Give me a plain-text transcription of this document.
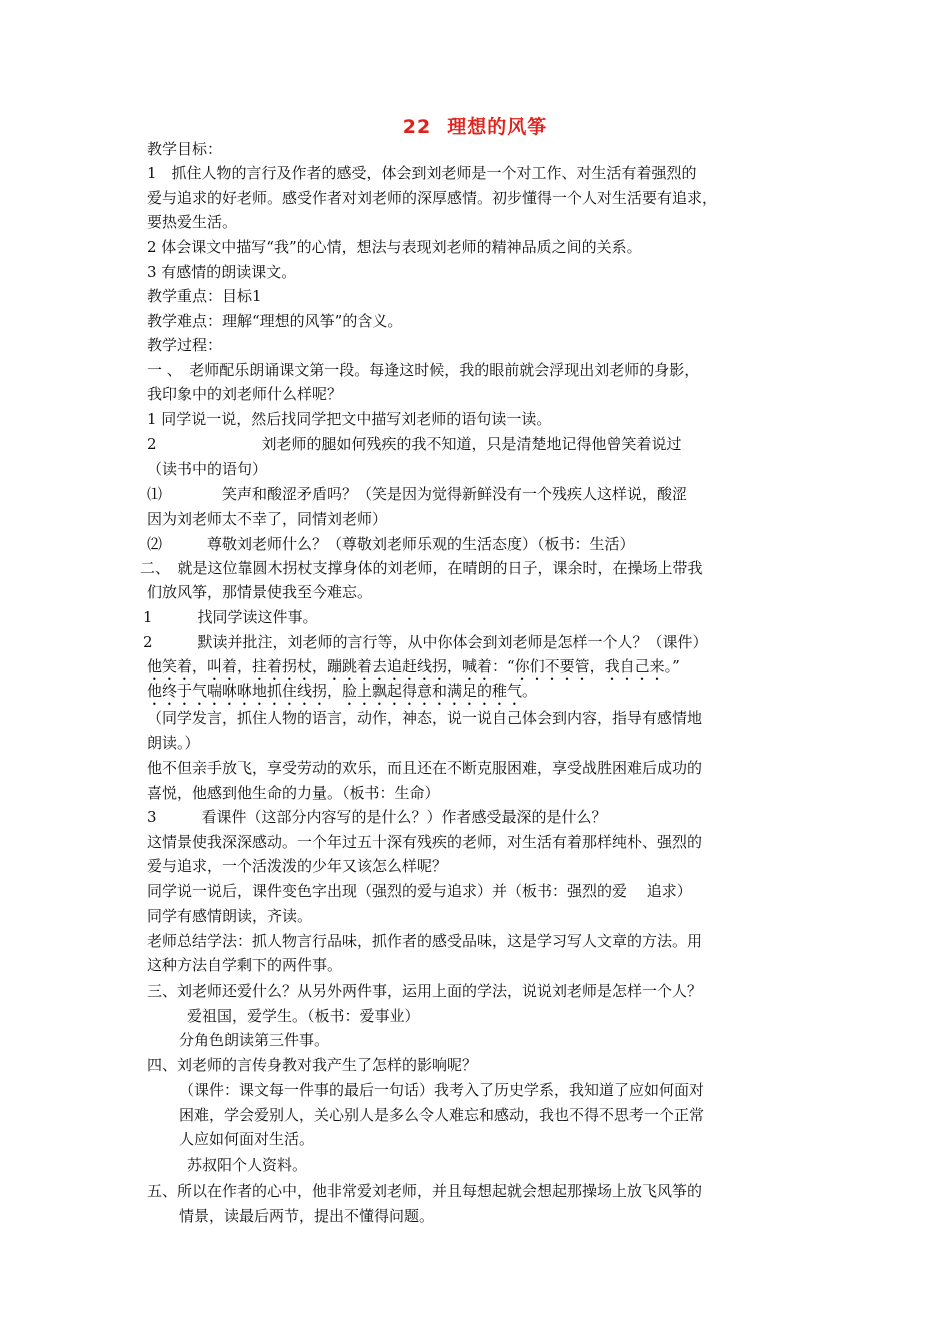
22 理想的风筝
教学目标：
1　抓住人物的言行及作者的感受，体会到刘老师是一个对工作、对生活有着强烈的
爱与追求的好老师。感受作者对刘老师的深厚感情。初步懂得一个人对生活要有追求，
要热爱生活。
2 体会课文中描写“我”的心情，想法与表现刘老师的精神品质之间的关系。
3 有感情的朗读课文。
教学重点：目标1
教学难点：理解“理想的风筝”的含义。
教学过程：
一 、　老师配乐朗诵课文第一段。每逢这时候，我的眼前就会浮现出刘老师的身影，
我印象中的刘老师什么样呢？
1 同学说一说，然后找同学把文中描写刘老师的语句读一读。
2　　　　　　　刘老师的腿如何残疾的我不知道，只是清楚地记得他曾笑着说过
（读书中的语句）
⑴　　　　笑声和酸涩矛盾吗？（笑是因为觉得新鲜没有一个残疾人这样说，酸涩
因为刘老师太不幸了，同情刘老师）
⑵　　　尊敬刘老师什么？（尊敬刘老师乐观的生活态度）（板书：生活）
二、　就是这位靠圆木拐杖支撑身体的刘老师，在晴朗的日子，课余时，在操场上带我
们放风筝，那情景使我至今难忘。
1　　　找同学读这件事。
2　　　默读并批注，刘老师的言行等，从中你体会到刘老师是怎样一个人？（课件）
他笑着，叫着，拄着拐杖，蹦跳着去追赶线拐，喊着：“你们不要管，我自己来。”
他终于气喘咻咻地抓住线拐，脸上飘起得意和满足的稚气。
（同学发言，抓住人物的语言，动作，神态，说一说自己体会到内容，指导有感情地
朗读。）
他不但亲手放飞，享受劳动的欢乐，而且还在不断克服困难，享受战胜困难后成功的
喜悦，他感到他生命的力量。（板书：生命）
3　　　看课件（这部分内容写的是什么？）作者感受最深的是什么？
这情景使我深深感动。一个年过五十深有残疾的老师，对生活有着那样纯朴、强烈的
爱与追求，一个活泼泼的少年又该怎么样呢？
同学说一说后，课件变色字出现（强烈的爱与追求）并（板书：强烈的爱　 追求）
同学有感情朗读，齐读。
老师总结学法：抓人物言行品味，抓作者的感受品味，这是学习写人文章的方法。用
这种方法自学剩下的两件事。
三、刘老师还爱什么？从另外两件事，运用上面的学法，说说刘老师是怎样一个人？
爱祖国，爱学生。（板书：爱事业）
分角色朗读第三件事。
四、刘老师的言传身教对我产生了怎样的影响呢？
（课件：课文每一件事的最后一句话）我考入了历史学系，我知道了应如何面对
困难，学会爱别人，关心别人是多么令人难忘和感动，我也不得不思考一个正常
人应如何面对生活。
苏叔阳个人资料。
五、所以在作者的心中，他非常爱刘老师，并且每想起就会想起那操场上放飞风筝的
情景，读最后两节，提出不懂得问题。
